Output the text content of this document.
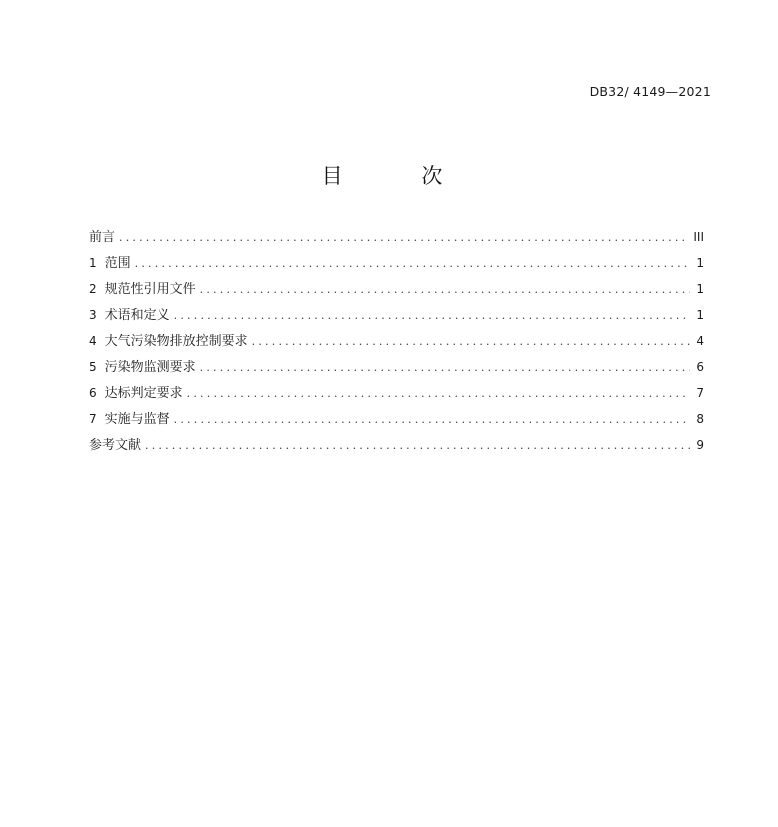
DB32/ 4149—2021
目 次
前言 .....	III
1 范围 .....	1
2 规范性引用文件 .....	1
3 术语和定义 .....	1
4 大气污染物排放控制要求 .....	4
5 污染物监测要求 .....	6
6 达标判定要求 .....	7
7 实施与监督 .....	8
参考文献 .....	9
